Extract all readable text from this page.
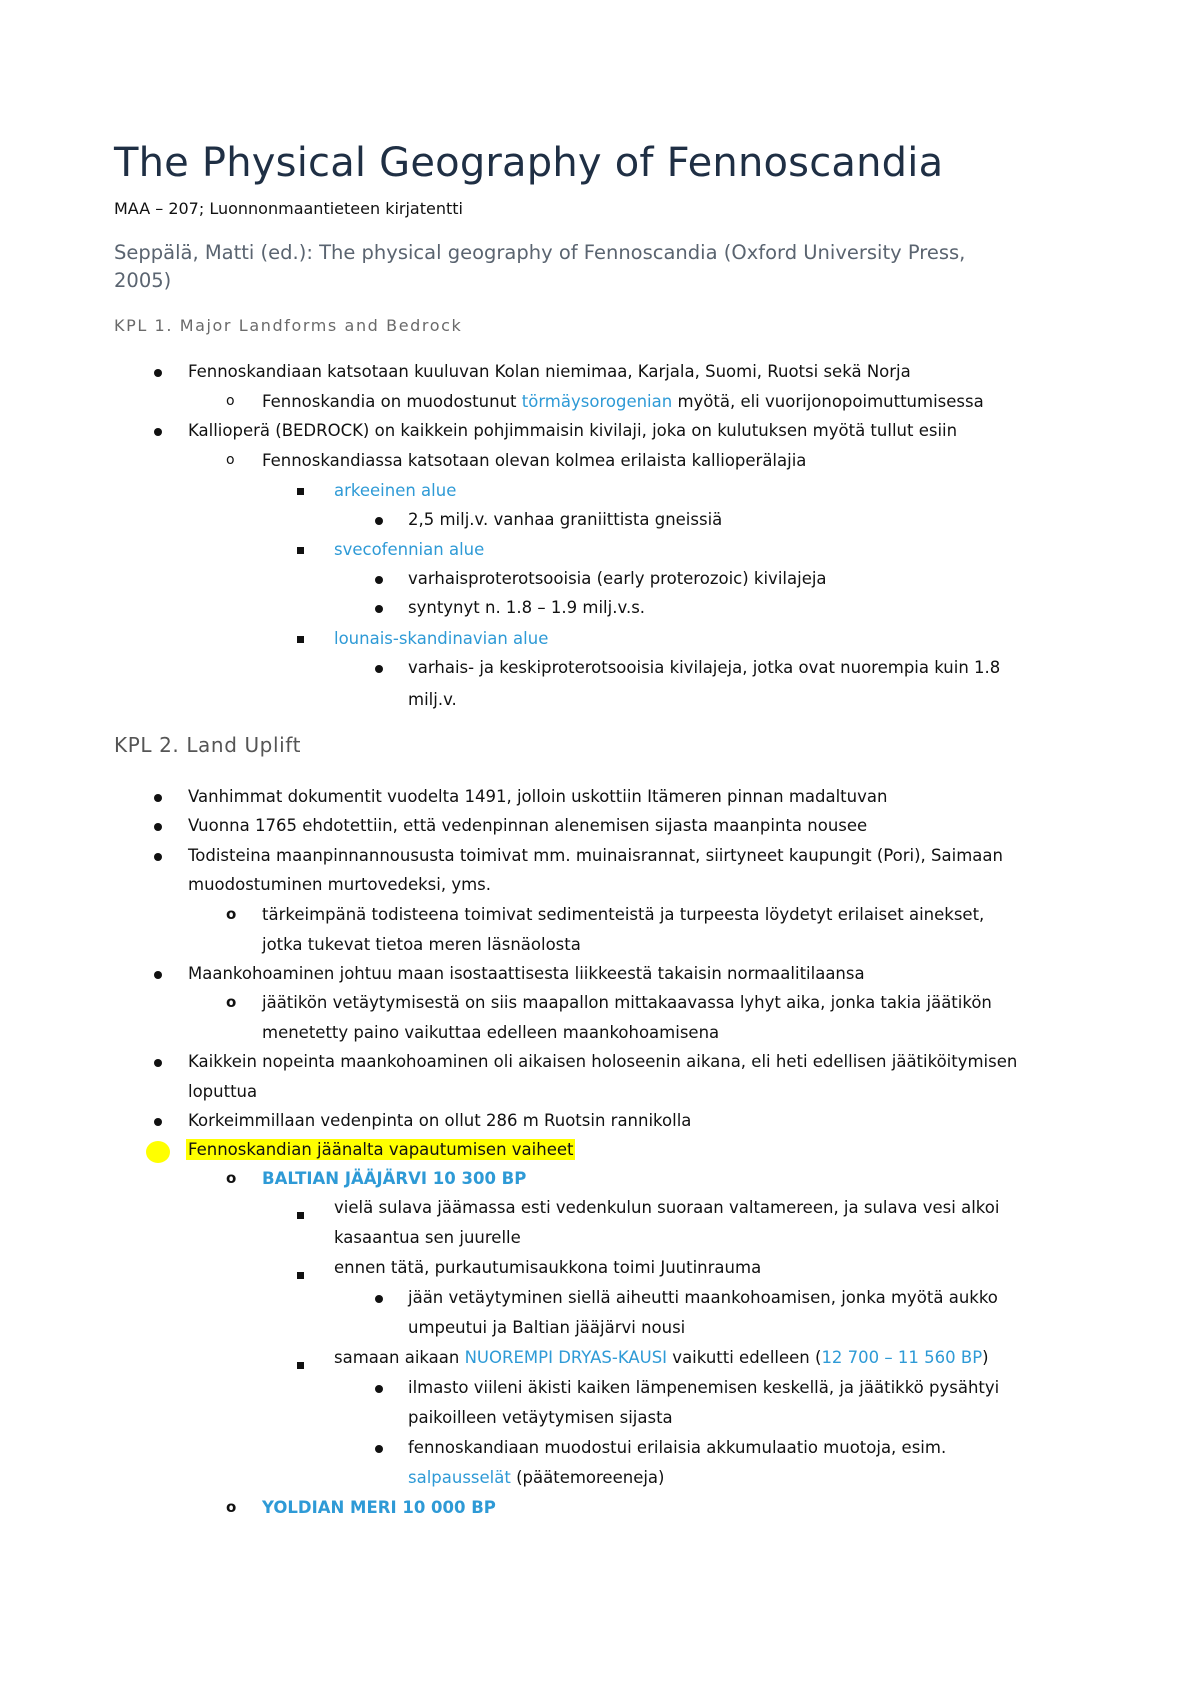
The Physical Geography of Fennoscandia
MAA – 207; Luonnonmaantieteen kirjatentti
Seppälä, Matti (ed.): The physical geography of Fennoscandia (Oxford University Press,
2005)
KPL 1. Major Landforms and Bedrock
Fennoskandiaan katsotaan kuuluvan Kolan niemimaa, Karjala, Suomi, Ruotsi sekä Norja
o Fennoskandia on muodostunut törmäysorogenian myötä, eli vuorijonopoimuttumisessa
Kallioperä (BEDROCK) on kaikkein pohjimmaisin kivilaji, joka on kulutuksen myötä tullut esiin
o Fennoskandiassa katsotaan olevan kolmea erilaista kallioperälajia
arkeeinen alue
2,5 milj.v. vanhaa graniittista gneissiä
svecofennian alue
varhaisproterotsooisia (early proterozoic) kivilajeja
syntynyt n. 1.8 – 1.9 milj.v.s.
lounais-skandinavian alue
varhais- ja keskiproterotsooisia kivilajeja, jotka ovat nuorempia kuin 1.8
milj.v.
KPL 2. Land Uplift
Vanhimmat dokumentit vuodelta 1491, jolloin uskottiin Itämeren pinnan madaltuvan
Vuonna 1765 ehdotettiin, että vedenpinnan alenemisen sijasta maanpinta nousee
Todisteina maanpinnannoususta toimivat mm. muinaisrannat, siirtyneet kaupungit (Pori), Saimaan
muodostuminen murtovedeksi, yms.
o tärkeimpänä todisteena toimivat sedimenteistä ja turpeesta löydetyt erilaiset ainekset,
jotka tukevat tietoa meren läsnäolosta
Maankohoaminen johtuu maan isostaattisesta liikkeestä takaisin normaalitilaansa
o jäätikön vetäytymisestä on siis maapallon mittakaavassa lyhyt aika, jonka takia jäätikön
menetetty paino vaikuttaa edelleen maankohoamisena
Kaikkein nopeinta maankohoaminen oli aikaisen holoseenin aikana, eli heti edellisen jäätiköitymisen
loputtua
Korkeimmillaan vedenpinta on ollut 286 m Ruotsin rannikolla
Fennoskandian jäänalta vapautumisen vaiheet
o BALTIAN JÄÄJÄRVI 10 300 BP
vielä sulava jäämassa esti vedenkulun suoraan valtamereen, ja sulava vesi alkoi
kasaantua sen juurelle
ennen tätä, purkautumisaukkona toimi Juutinrauma
jään vetäytyminen siellä aiheutti maankohoamisen, jonka myötä aukko
umpeutui ja Baltian jääjärvi nousi
samaan aikaan NUOREMPI DRYAS-KAUSI vaikutti edelleen (12 700 – 11 560 BP)
ilmasto viileni äkisti kaiken lämpenemisen keskellä, ja jäätikkö pysähtyi
paikoilleen vetäytymisen sijasta
fennoskandiaan muodostui erilaisia akkumulaatio muotoja, esim.
salpausselät (päätemoreeneja)
o YOLDIAN MERI 10 000 BP
